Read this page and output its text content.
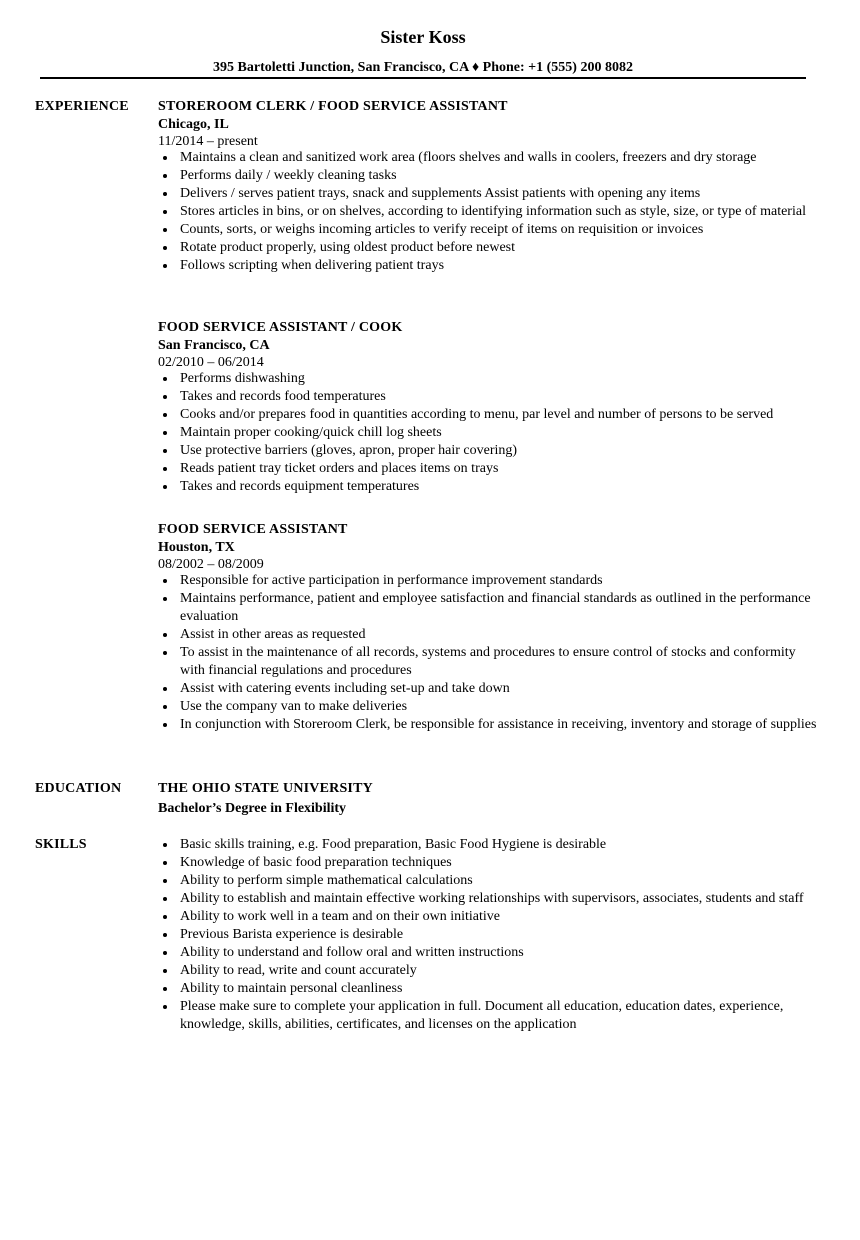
Sister Koss
395 Bartoletti Junction, San Francisco, CA ♦ Phone: +1 (555) 200 8082
EXPERIENCE STOREROOM CLERK / FOOD SERVICE ASSISTANT
Chicago, IL
11/2014 – present
Maintains a clean and sanitized work area (floors shelves and walls in coolers, freezers and dry storage
Performs daily / weekly cleaning tasks
Delivers / serves patient trays, snack and supplements Assist patients with opening any items
Stores articles in bins, or on shelves, according to identifying information such as style, size, or type of material
Counts, sorts, or weighs incoming articles to verify receipt of items on requisition or invoices
Rotate product properly, using oldest product before newest
Follows scripting when delivering patient trays
FOOD SERVICE ASSISTANT / COOK
San Francisco, CA
02/2010 – 06/2014
Performs dishwashing
Takes and records food temperatures
Cooks and/or prepares food in quantities according to menu, par level and number of persons to be served
Maintain proper cooking/quick chill log sheets
Use protective barriers (gloves, apron, proper hair covering)
Reads patient tray ticket orders and places items on trays
Takes and records equipment temperatures
FOOD SERVICE ASSISTANT
Houston, TX
08/2002 – 08/2009
Responsible for active participation in performance improvement standards
Maintains performance, patient and employee satisfaction and financial standards as outlined in the performance evaluation
Assist in other areas as requested
To assist in the maintenance of all records, systems and procedures to ensure control of stocks and conformity with financial regulations and procedures
Assist with catering events including set-up and take down
Use the company van to make deliveries
In conjunction with Storeroom Clerk, be responsible for assistance in receiving, inventory and storage of supplies
EDUCATION	THE OHIO STATE UNIVERSITY
Bachelor’s Degree in Flexibility
SKILLS	Basic skills training, e.g. Food preparation, Basic Food Hygiene is desirable
Knowledge of basic food preparation techniques
Ability to perform simple mathematical calculations
Ability to establish and maintain effective working relationships with supervisors, associates, students and staff
Ability to work well in a team and on their own initiative
Previous Barista experience is desirable
Ability to understand and follow oral and written instructions
Ability to read, write and count accurately
Ability to maintain personal cleanliness
Please make sure to complete your application in full. Document all education, education dates, experience, knowledge, skills, abilities, certificates, and licenses on the application
